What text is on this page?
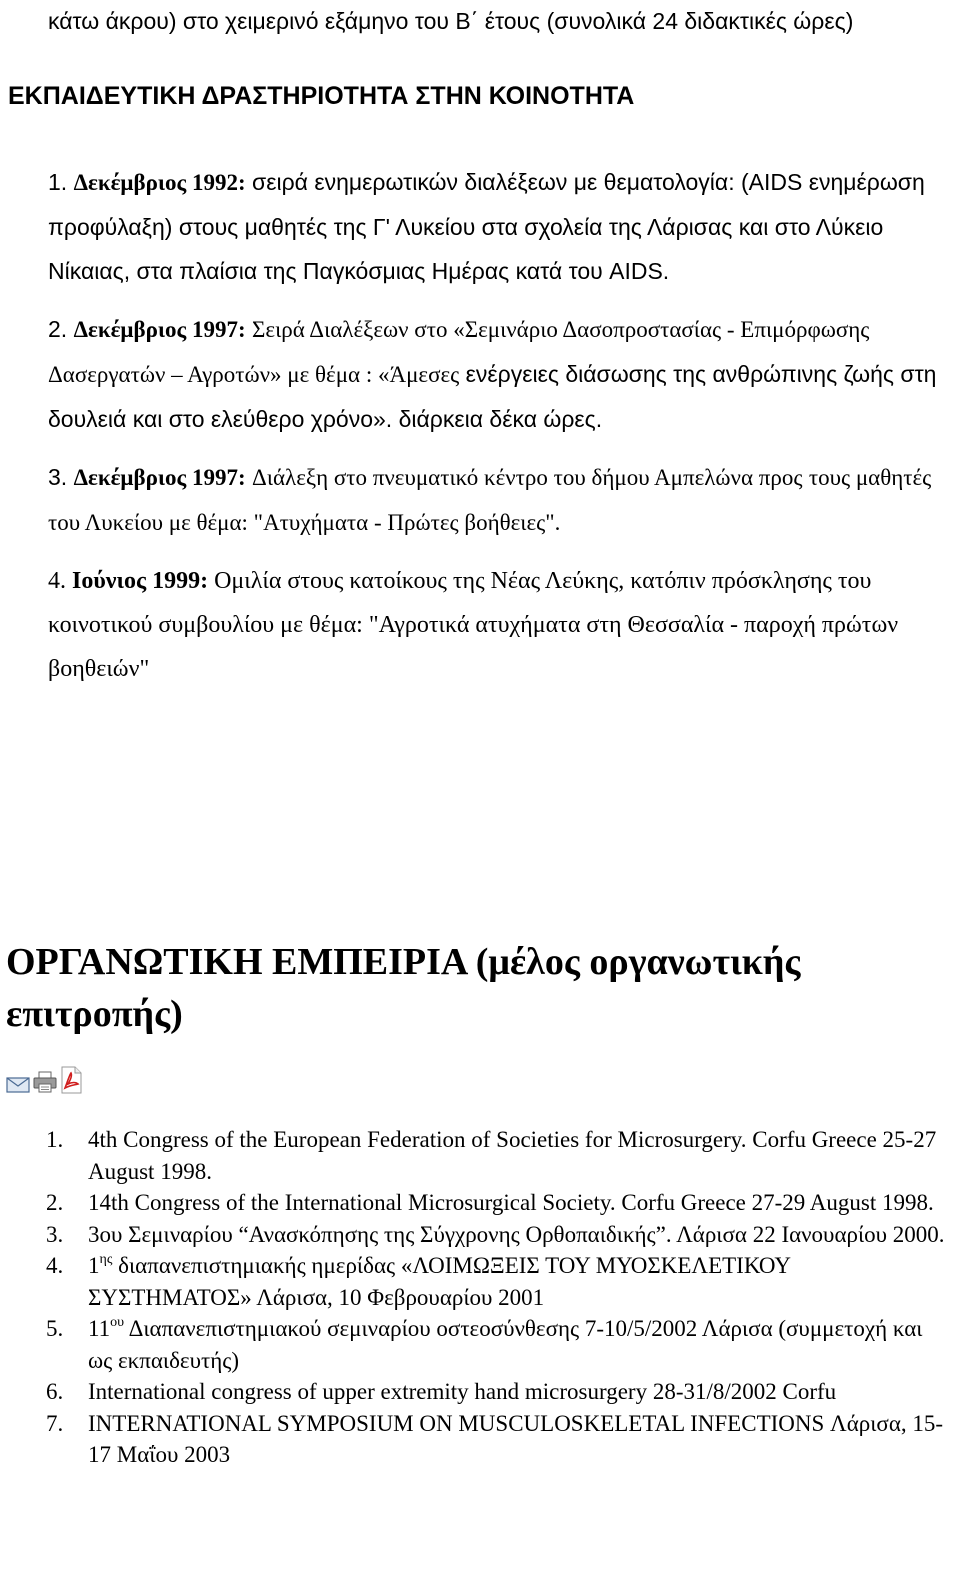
κάτω άκρου) στο χειμερινό εξάμηνο του Β΄ έτους (συνολικά 24 διδακτικές ώρες)
ΕΚΠΑΙΔΕΥΤΙΚΗ ΔΡΑΣΤΗΡΙΟΤΗΤΑ ΣΤΗΝ ΚΟΙΝΟΤΗΤΑ
1. Δεκέμβριος 1992: σειρά ενημερωτικών διαλέξεων με θεματολογία: (AIDS ενημέρωση προφύλαξη) στους μαθητές της Γ' Λυκείου στα σχολεία της Λάρισας και στο Λύκειο Νίκαιας, στα πλαίσια της Παγκόσμιας Ημέρας κατά του AIDS.
2. Δεκέμβριος 1997: Σειρά Διαλέξεων στο «Σεμινάριο Δασοπροστασίας - Επιμόρφωσης Δασεργατών – Αγροτών» με θέμα : «Άμεσες ενέργειες διάσωσης της ανθρώπινης ζωής στη δουλειά και στο ελεύθερο χρόνο». διάρκεια δέκα ώρες.
3. Δεκέμβριος 1997: Διάλεξη στο πνευματικό κέντρο του δήμου Αμπελώνα προς τους μαθητές του Λυκείου με θέμα: "Ατυχήματα - Πρώτες βοήθειες".
4. Ιούνιος 1999: Ομιλία στους κατοίκους της Νέας Λεύκης, κατόπιν πρόσκλησης του κοινοτικού συμβουλίου με θέμα: "Αγροτικά ατυχήματα στη Θεσσαλία - παροχή πρώτων βοηθειών"
ΟΡΓΑΝΩΤΙΚΗ ΕΜΠΕΙΡΙΑ (μέλος οργανωτικής επιτροπής)
1. 4th Congress of the European Federation of Societies for Microsurgery. Corfu Greece 25-27 August 1998.
2. 14th Congress of the International Microsurgical Society. Corfu Greece 27-29 August 1998.
3. 3ου Σεμιναρίου “Ανασκόπησης της Σύγχρονης Ορθοπαιδικής”. Λάρισα 22 Ιανουαρίου 2000.
4. $1^{\eta\varsigma}$ διαπανεπιστημιακής ημερίδας «ΛΟΙΜΩΞΕΙΣ ΤΟΥ ΜΥΟΣΚΕΛΕΤΙΚΟΥ ΣΥΣΤΗΜΑΤΟΣ» Λάρισα, 10 Φεβρουαρίου 2001
5. $11^{o\upsilon}$ Διαπανεπιστημιακού σεμιναρίου οστεοσύνθεσης 7-10/5/2002 Λάρισα (συμμετοχή και ως εκπαιδευτής)
6. International congress of upper extremity hand microsurgery 28-31/8/2002 Corfu
7. INTERNATIONAL SYMPOSIUM ON MUSCULOSKELETAL INFECTIONS Λάρισα, 15-17 Μαΐου 2003
